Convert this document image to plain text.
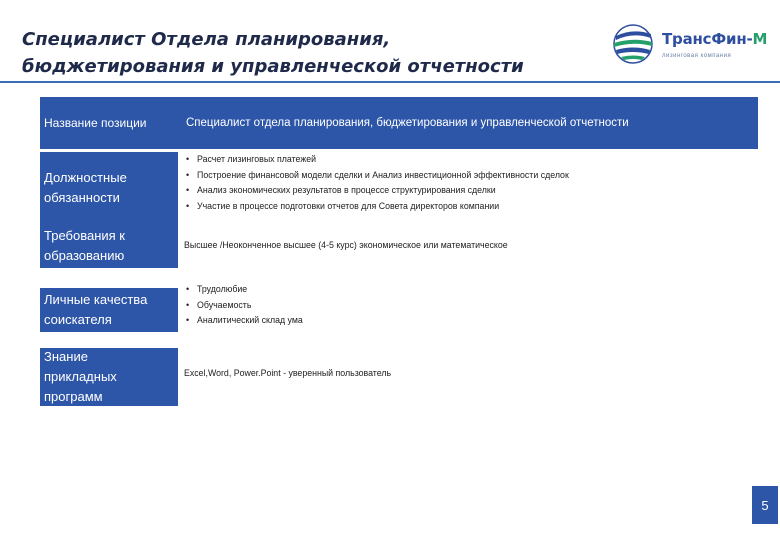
Специалист Отдела планирования,
бюджетирования и управленческой отчетности
ТрансФин-М
лизинговая компания
Название позиции	Специалист отдела планирования, бюджетирования и управленческой отчетности
Должностные обязанности
• Расчет лизинговых платежей
• Построение финансовой модели сделки и Анализ инвестиционной эффективности сделок
• Анализ экономических результатов в процессе структурирования сделки
• Участие в процессе подготовки отчетов для Совета директоров компании
Требования к образованию
Высшее /Неоконченное высшее (4-5 курс) экономическое или математическое
Личные качества соискателя
• Трудолюбие
• Обучаемость
• Аналитический склад ума
Знание прикладных программ
Excel,Word, Power.Point - уверенный пользователь
5
